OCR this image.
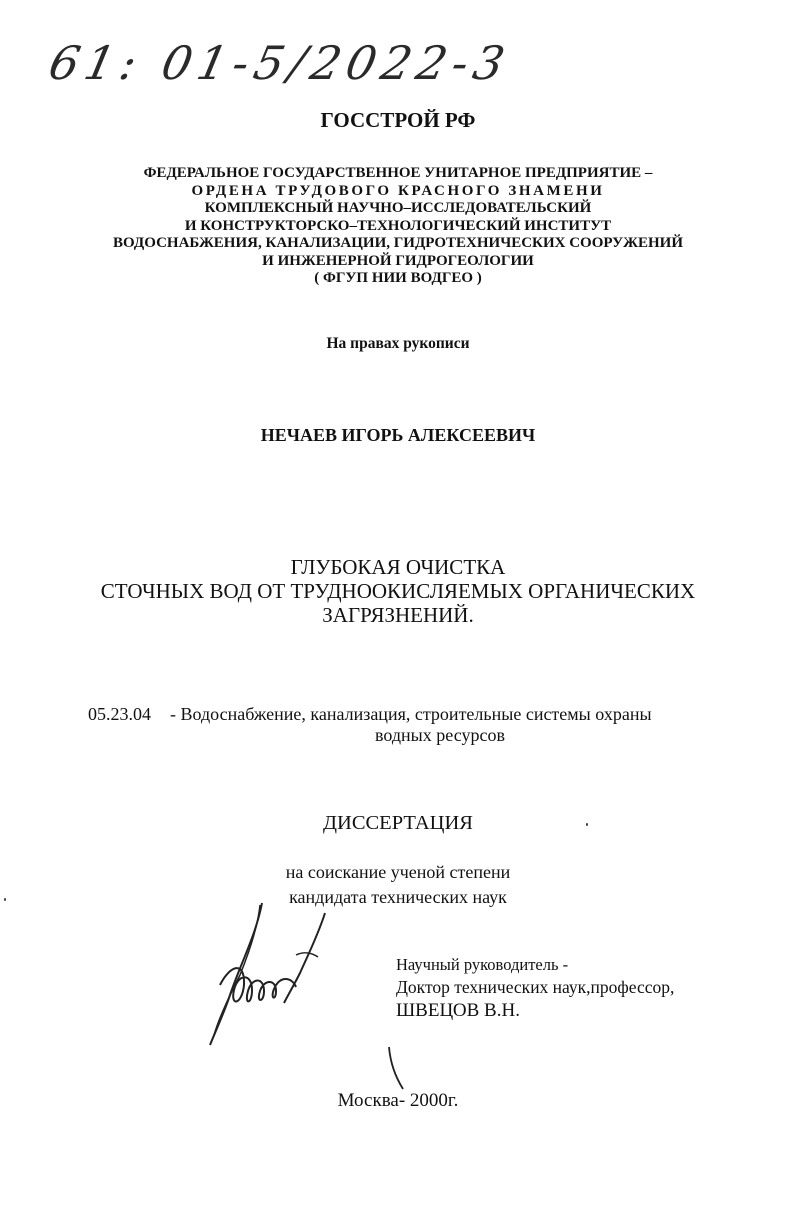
61: 01-5/2022-3
ГОССТРОЙ РФ
ФЕДЕРАЛЬНОЕ ГОСУДАРСТВЕННОЕ УНИТАРНОЕ ПРЕДПРИЯТИЕ –
ОРДЕНА ТРУДОВОГО КРАСНОГО ЗНАМЕНИ
КОМПЛЕКСНЫЙ НАУЧНО–ИССЛЕДОВАТЕЛЬСКИЙ
И КОНСТРУКТОРСКО–ТЕХНОЛОГИЧЕСКИЙ ИНСТИТУТ
ВОДОСНАБЖЕНИЯ, КАНАЛИЗАЦИИ, ГИДРОТЕХНИЧЕСКИХ СООРУЖЕНИЙ
И ИНЖЕНЕРНОЙ ГИДРОГЕОЛОГИИ
( ФГУП НИИ ВОДГЕО )
На правах рукописи
НЕЧАЕВ ИГОРЬ АЛЕКСЕЕВИЧ
ГЛУБОКАЯ ОЧИСТКА
СТОЧНЫХ ВОД ОТ ТРУДНООКИСЛЯЕМЫХ ОРГАНИЧЕСКИХ
ЗАГРЯЗНЕНИЙ.
05.23.04 - Водоснабжение, канализация, строительные системы охраны
водных ресурсов
ДИССЕРТАЦИЯ
на соискание ученой степени
кандидата технических наук
Научный руководитель -
Доктор технических наук,профессор,
ШВЕЦОВ В.Н.
Москва- 2000г.
